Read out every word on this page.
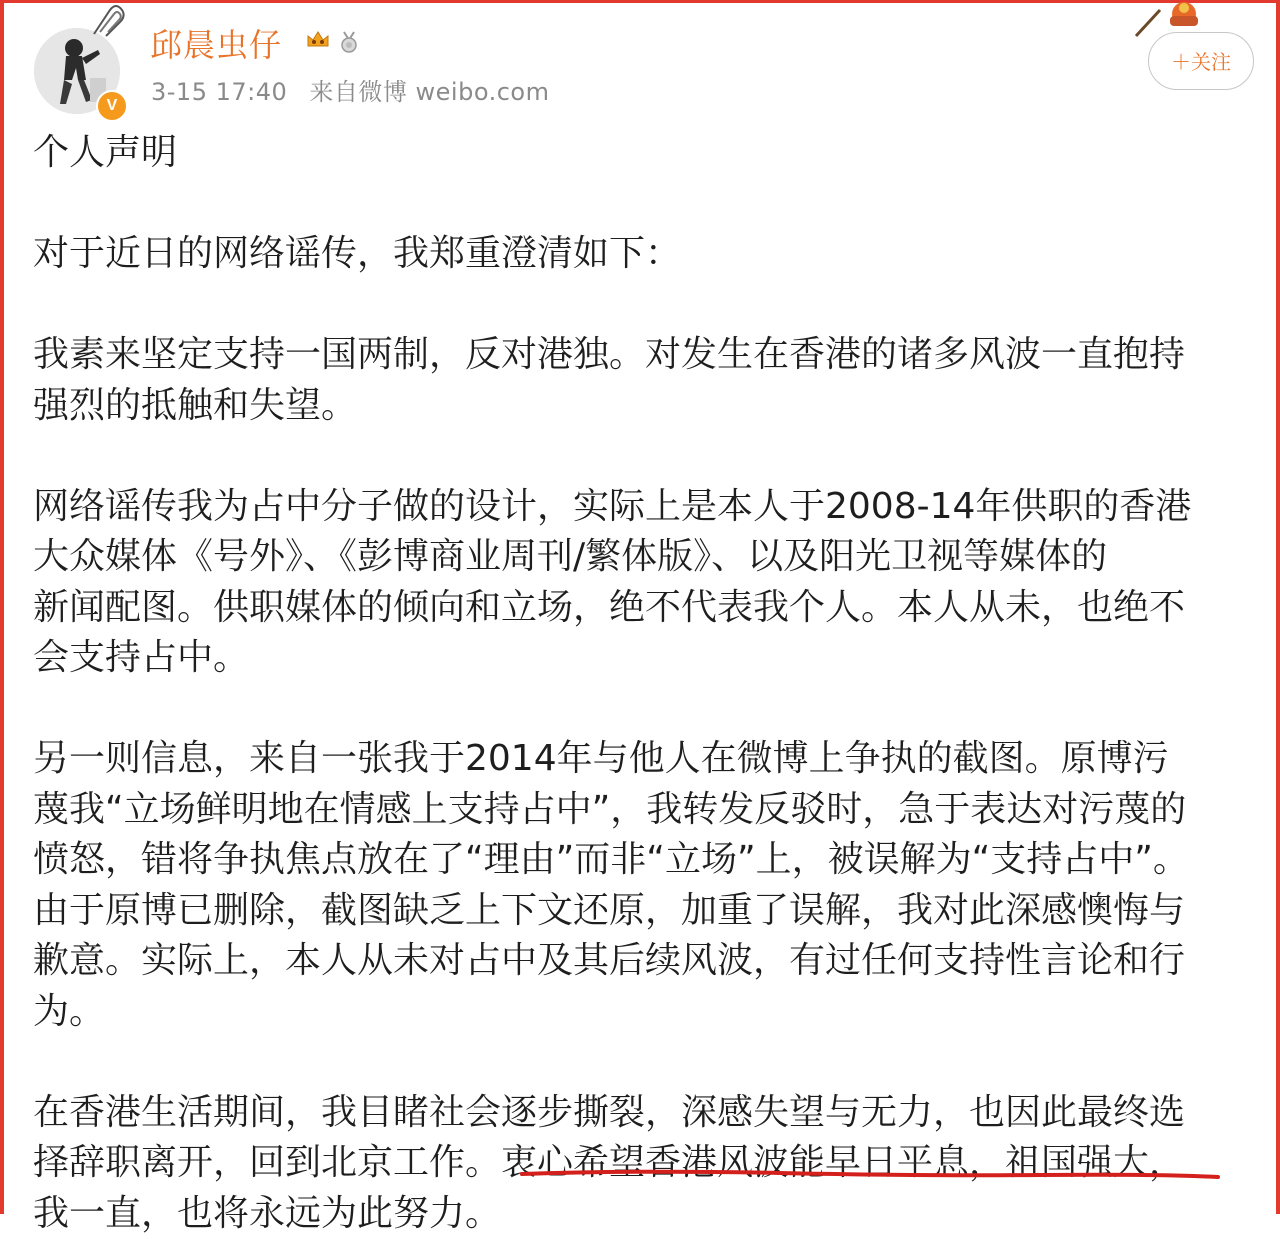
V
邱晨虫仔
3-15 17:40 来自微博 weibo.com
＋关注
个人声明
对于近日的网络谣传，我郑重澄清如下：
我素来坚定支持一国两制，反对港独。对发生在香港的诸多风波一直抱持
强烈的抵触和失望。
网络谣传我为占中分子做的设计，实际上是本人于2008-14年供职的香港
大众媒体《号外》、《彭博商业周刊/繁体版》、以及阳光卫视等媒体的
新闻配图。供职媒体的倾向和立场，绝不代表我个人。本人从未，也绝不
会支持占中。
另一则信息，来自一张我于2014年与他人在微博上争执的截图。原博污
蔑我“立场鲜明地在情感上支持占中”，我转发反驳时，急于表达对污蔑的
愤怒，错将争执焦点放在了“理由”而非“立场”上，被误解为“支持占中”。
由于原博已删除，截图缺乏上下文还原，加重了误解，我对此深感懊悔与
歉意。实际上，本人从未对占中及其后续风波，有过任何支持性言论和行
为。
在香港生活期间，我目睹社会逐步撕裂，深感失望与无力，也因此最终选
择辞职离开，回到北京工作。衷心希望香港风波能早日平息，祖国强大，
我一直，也将永远为此努力。
